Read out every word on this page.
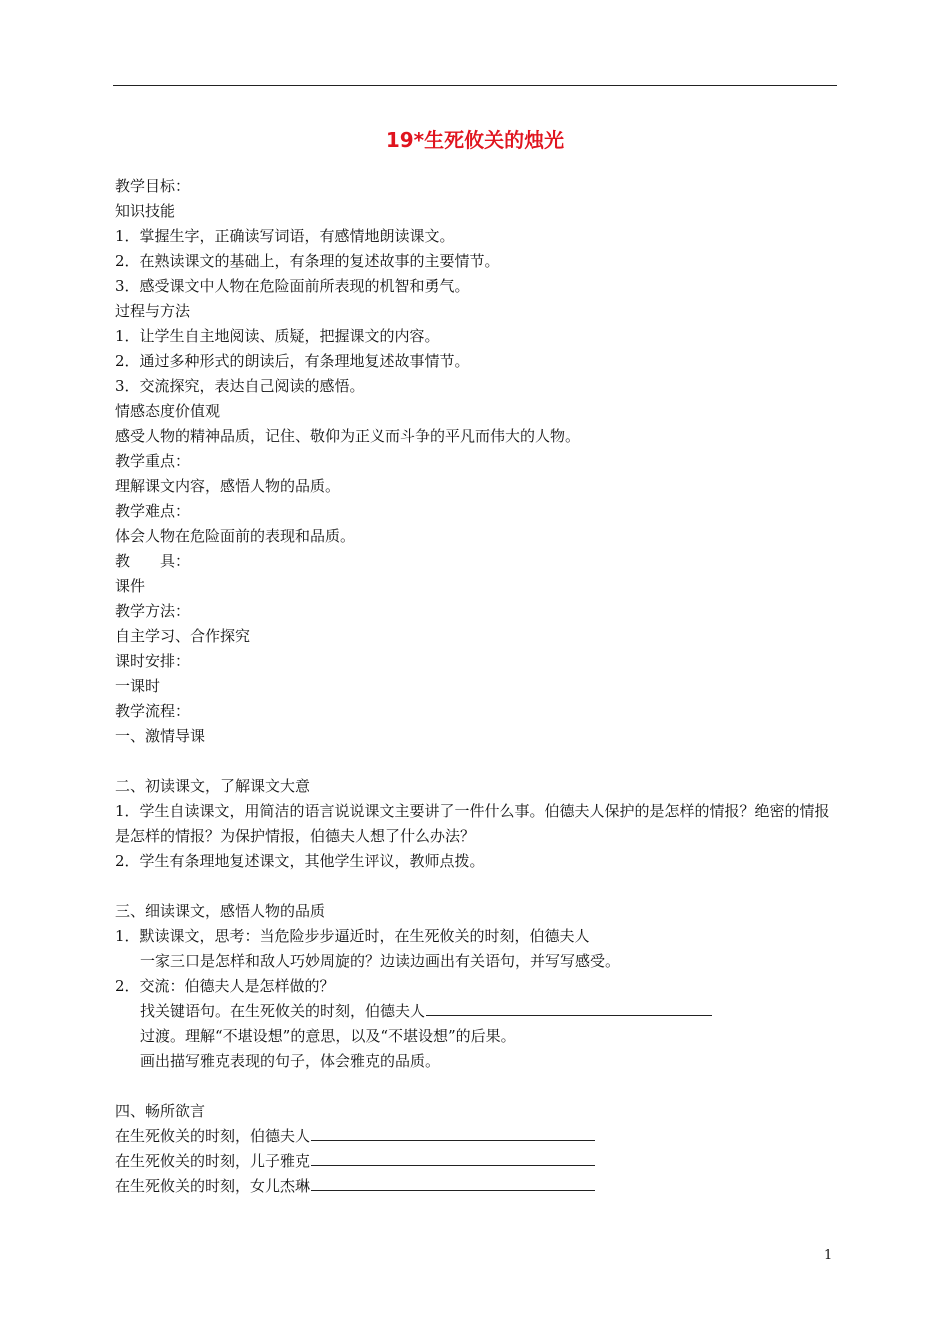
19*生死攸关的烛光
教学目标：
知识技能
1．掌握生字，正确读写词语，有感情地朗读课文。
2．在熟读课文的基础上，有条理的复述故事的主要情节。
3．感受课文中人物在危险面前所表现的机智和勇气。
过程与方法
1．让学生自主地阅读、质疑，把握课文的内容。
2．通过多种形式的朗读后，有条理地复述故事情节。
3．交流探究，表达自己阅读的感悟。
情感态度价值观
感受人物的精神品质，记住、敬仰为正义而斗争的平凡而伟大的人物。
教学重点：
理解课文内容，感悟人物的品质。
教学难点：
体会人物在危险面前的表现和品质。
教　　具：
课件
教学方法：
自主学习、合作探究
课时安排：
一课时
教学流程：
一、激情导课
二、初读课文，了解课文大意
1．学生自读课文，用简洁的语言说说课文主要讲了一件什么事。伯德夫人保护的是怎样的情报？绝密的情报是怎样的情报？为保护情报，伯德夫人想了什么办法？
2．学生有条理地复述课文，其他学生评议，教师点拨。
三、细读课文，感悟人物的品质
1．默读课文，思考：当危险步步逼近时，在生死攸关的时刻，伯德夫人
一家三口是怎样和敌人巧妙周旋的？边读边画出有关语句，并写写感受。
2．交流：伯德夫人是怎样做的？
找关键语句。在生死攸关的时刻，伯德夫人
过渡。理解“不堪设想”的意思，以及“不堪设想”的后果。
画出描写雅克表现的句子，体会雅克的品质。
四、畅所欲言
在生死攸关的时刻，伯德夫人
在生死攸关的时刻，儿子雅克
在生死攸关的时刻，女儿杰琳
1
